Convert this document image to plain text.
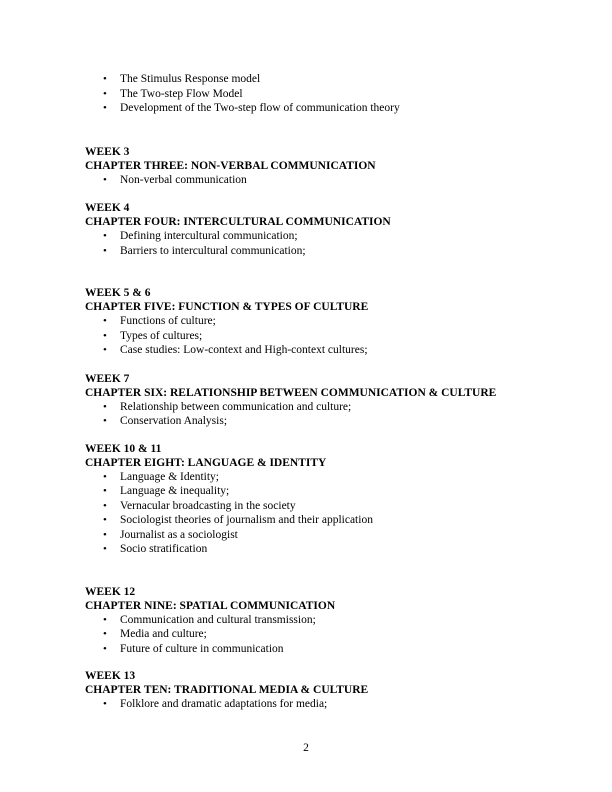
• The Stimulus Response model
• The Two-step Flow Model
• Development of the Two-step flow of communication theory
WEEK 3
CHAPTER THREE: NON-VERBAL COMMUNICATION
• Non-verbal communication
WEEK 4
CHAPTER FOUR: INTERCULTURAL COMMUNICATION
• Defining intercultural communication;
• Barriers to intercultural communication;
WEEK 5 & 6
CHAPTER FIVE: FUNCTION & TYPES OF CULTURE
• Functions of culture;
• Types of cultures;
• Case studies: Low-context and High-context cultures;
WEEK 7
CHAPTER SIX: RELATIONSHIP BETWEEN COMMUNICATION & CULTURE
• Relationship between communication and culture;
• Conservation Analysis;
WEEK 10 & 11
CHAPTER EIGHT: LANGUAGE & IDENTITY
• Language & Identity;
• Language & inequality;
• Vernacular broadcasting in the society
• Sociologist theories of journalism and their application
• Journalist as a sociologist
• Socio stratification
WEEK 12
CHAPTER NINE: SPATIAL COMMUNICATION
• Communication and cultural transmission;
• Media and culture;
• Future of culture in communication
WEEK 13
CHAPTER TEN: TRADITIONAL MEDIA & CULTURE
• Folklore and dramatic adaptations for media;
2
